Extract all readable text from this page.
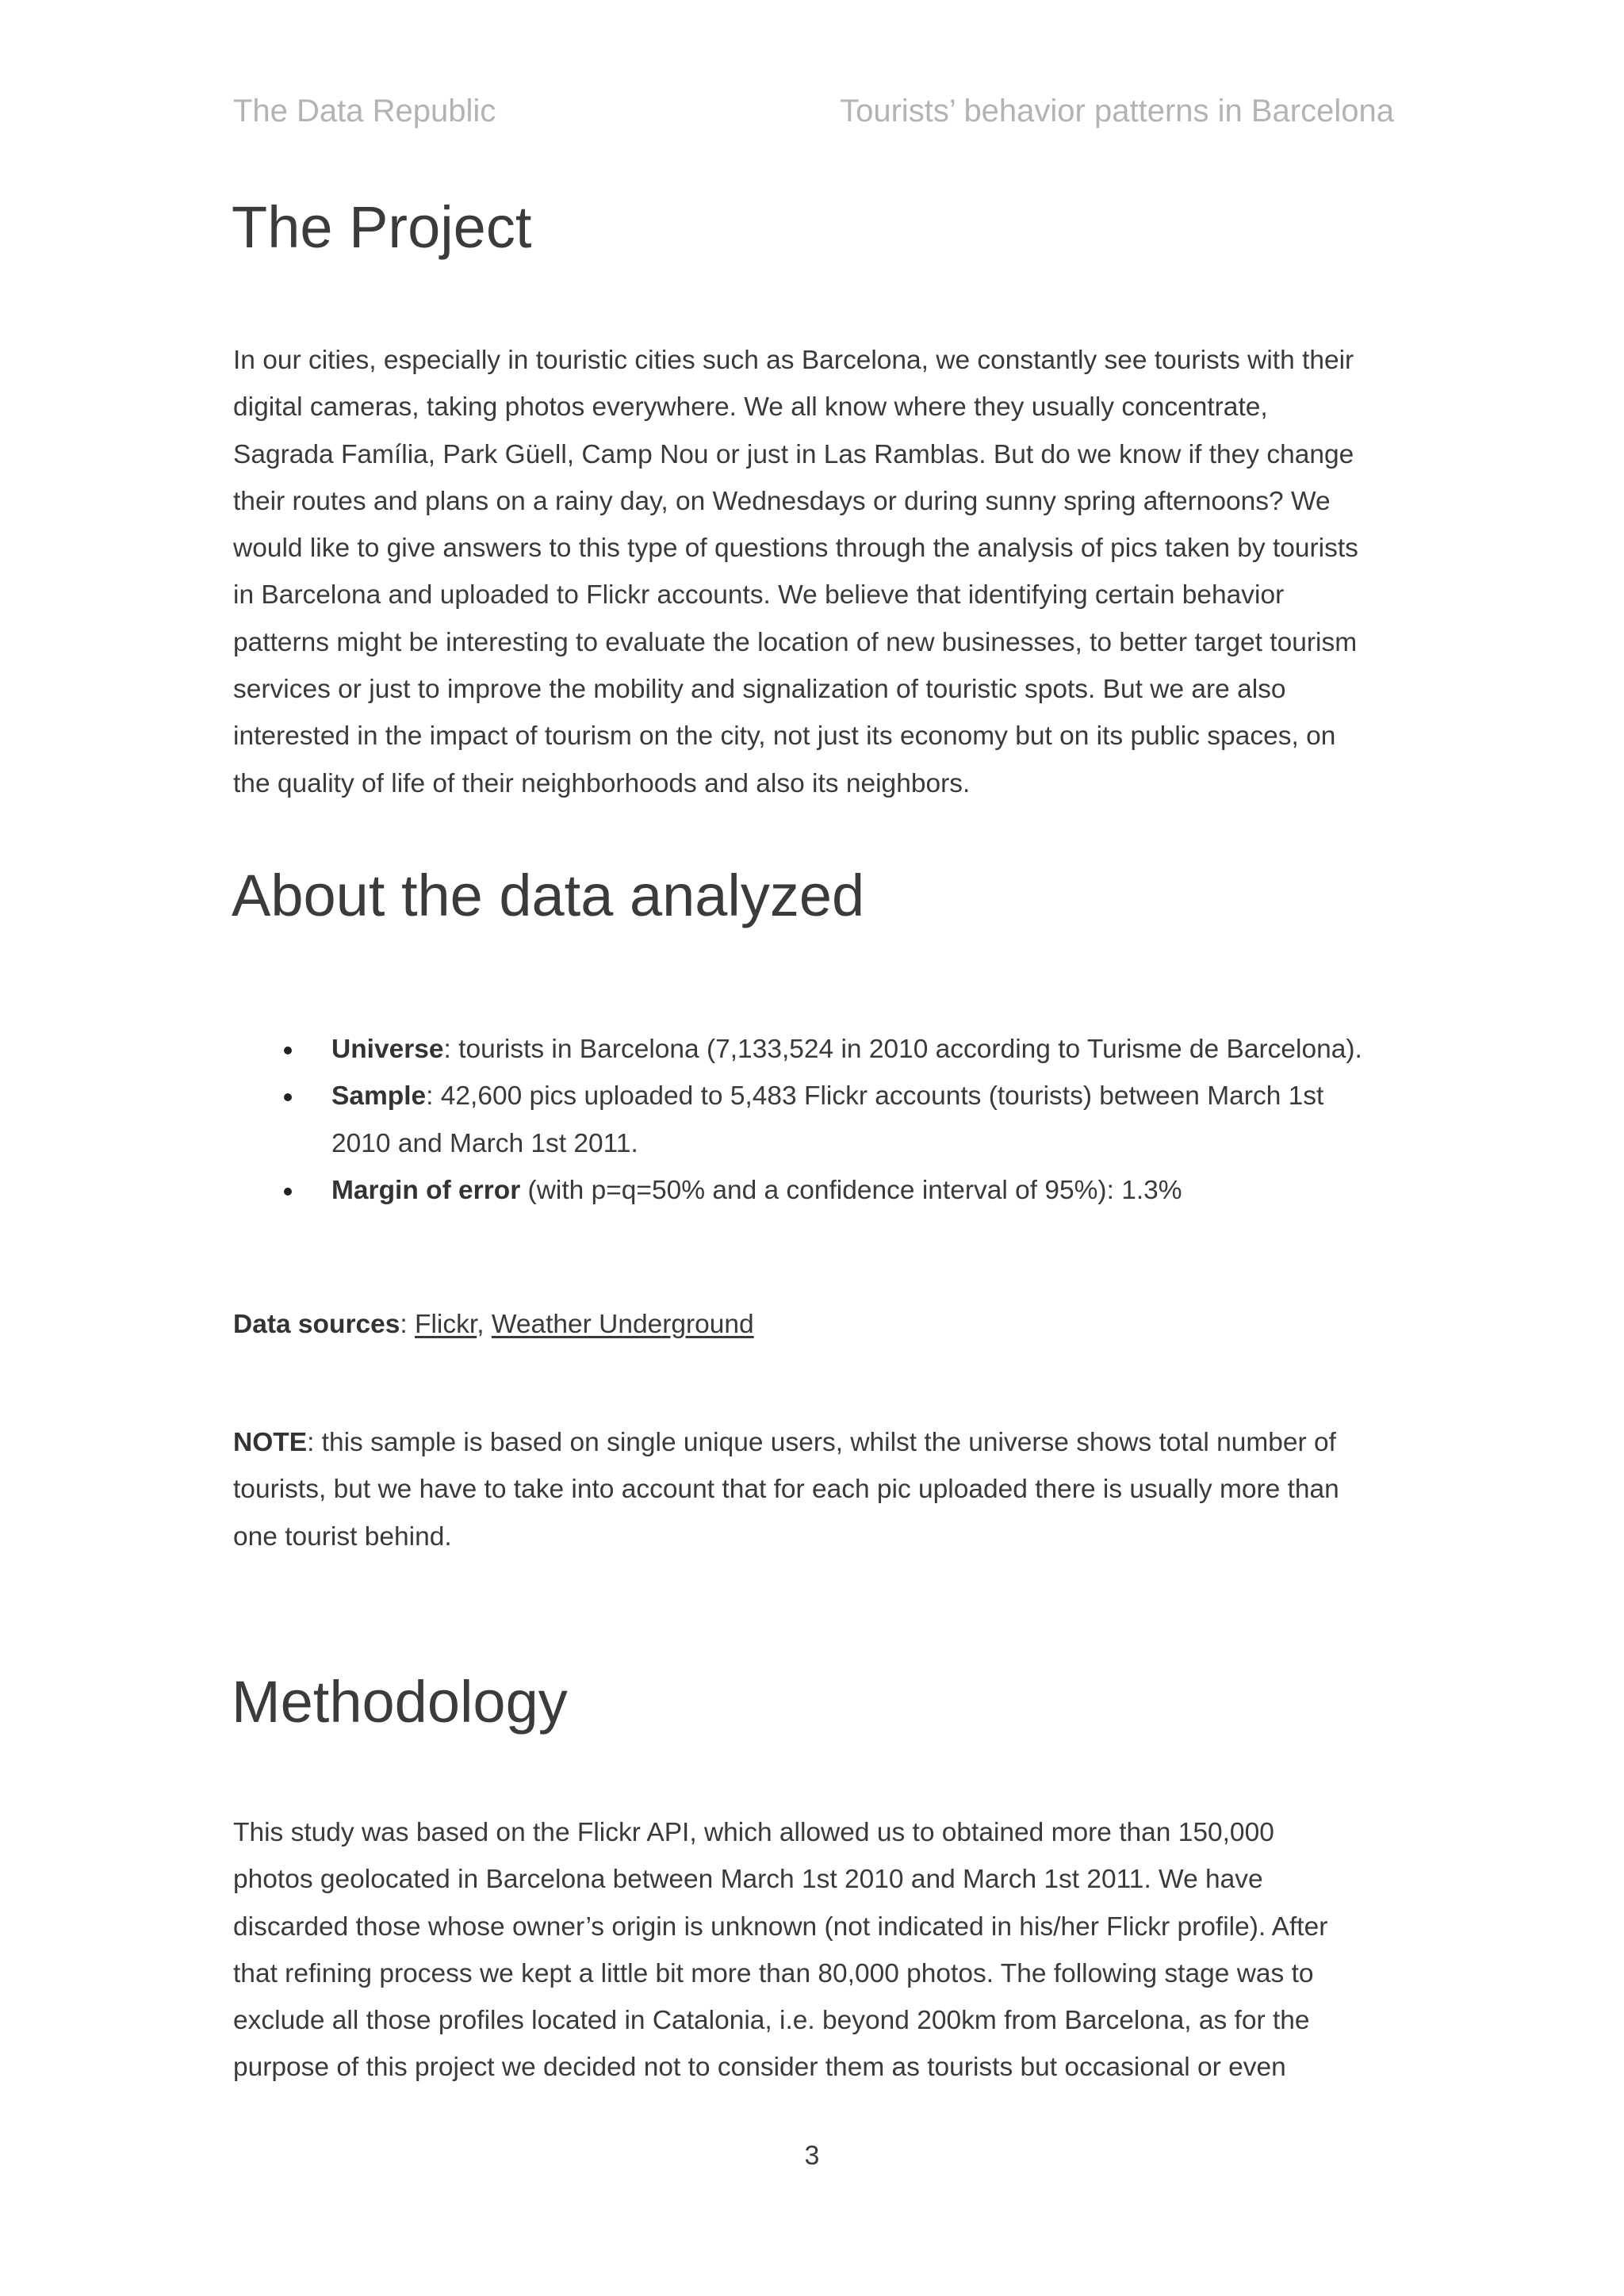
The Data Republic	Tourists’ behavior patterns in Barcelona
The Project
In our cities, especially in touristic cities such as Barcelona, we constantly see tourists with their
digital cameras, taking photos everywhere. We all know where they usually concentrate,
Sagrada Família, Park Güell, Camp Nou or just in Las Ramblas. But do we know if they change
their routes and plans on a rainy day, on Wednesdays or during sunny spring afternoons? We
would like to give answers to this type of questions through the analysis of pics taken by tourists
in Barcelona and uploaded to Flickr accounts. We believe that identifying certain behavior
patterns might be interesting to evaluate the location of new businesses, to better target tourism
services or just to improve the mobility and signalization of touristic spots. But we are also
interested in the impact of tourism on the city, not just its economy but on its public spaces, on
the quality of life of their neighborhoods and also its neighbors.
About the data analyzed
Universe: tourists in Barcelona (7,133,524 in 2010 according to Turisme de Barcelona).
Sample: 42,600 pics uploaded to 5,483 Flickr accounts (tourists) between March 1st
2010 and March 1st 2011.
Margin of error (with p=q=50% and a confidence interval of 95%): 1.3%
Data sources: Flickr, Weather Underground
NOTE: this sample is based on single unique users, whilst the universe shows total number of
tourists, but we have to take into account that for each pic uploaded there is usually more than
one tourist behind.
Methodology
This study was based on the Flickr API, which allowed us to obtained more than 150,000
photos geolocated in Barcelona between March 1st 2010 and March 1st 2011. We have
discarded those whose owner’s origin is unknown (not indicated in his/her Flickr profile). After
that refining process we kept a little bit more than 80,000 photos. The following stage was to
exclude all those profiles located in Catalonia, i.e. beyond 200km from Barcelona, as for the
purpose of this project we decided not to consider them as tourists but occasional or even
3
